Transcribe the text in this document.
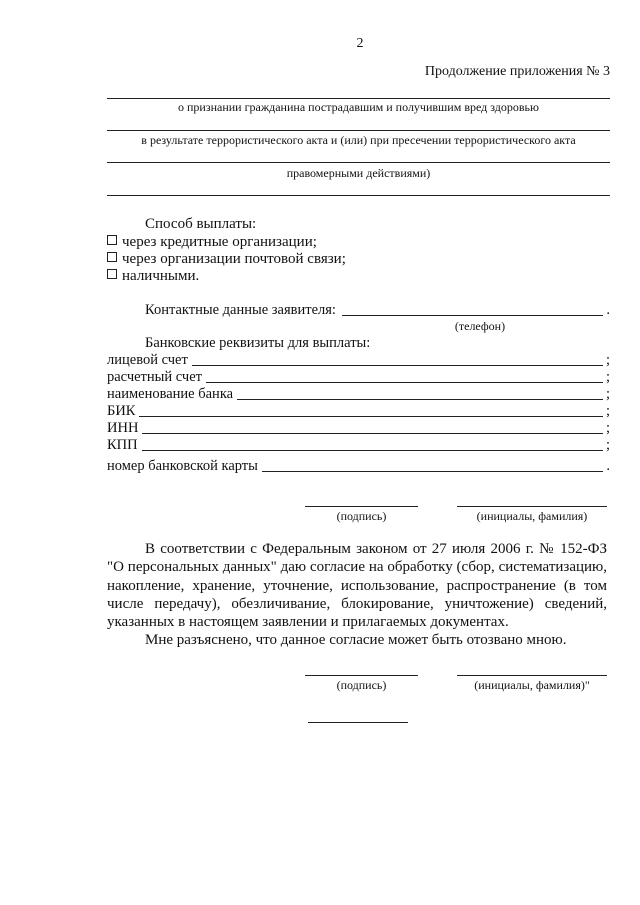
2
Продолжение приложения № 3
о признании гражданина пострадавшим и получившим вред здоровью
в результате террористического акта и (или) при пресечении террористического акта
правомерными действиями)
Способ выплаты:
через кредитные организации;
через организации почтовой связи;
наличными.
Контактные данные заявителя:	.
(телефон)
Банковские реквизиты для выплаты:
лицевой счет	;
расчетный счет	;
наименование банка	;
БИК	;
ИНН	;
КПП	;
номер банковской карты	.
(подпись)	(инициалы, фамилия)

В соответствии с Федеральным законом от 27 июля 2006 г. № 152-ФЗ "О персональных данных" даю согласие на обработку (сбор, систематизацию, накопление, хранение, уточнение, использование, распространение (в том числе передачу), обезличивание, блокирование, уничтожение) сведений, указанных в настоящем заявлении и прилагаемых документах.

Мне разъяснено, что данное согласие может быть отозвано мною.

(подпись)	(инициалы, фамилия)"
